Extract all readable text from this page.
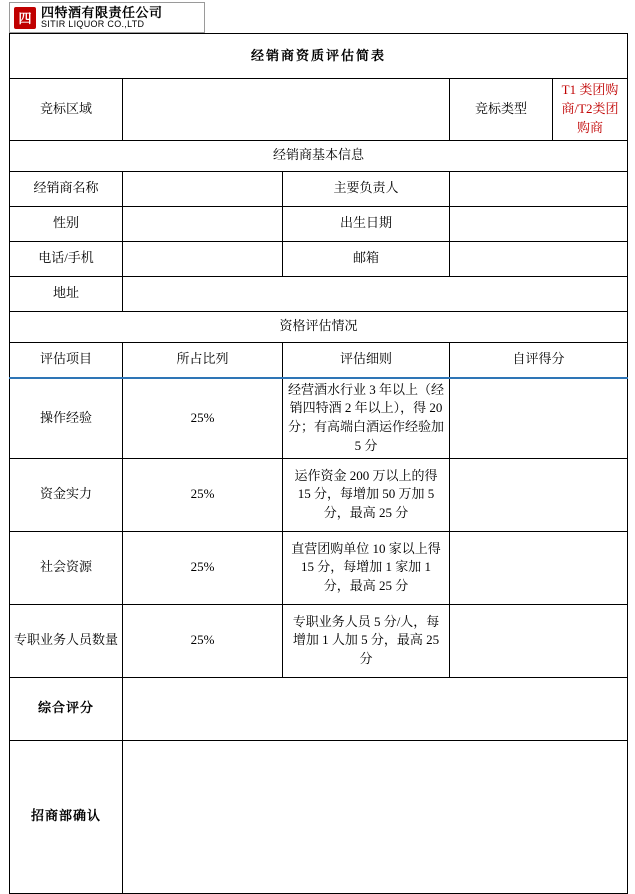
四 四特酒有限责任公司
SITIR LIQUOR CO.,LTD
经销商资质评估简表				
竞标区域			竞标类型	T1 类团购商/T2类团购商
经销商基本信息				
经销商名称		主要负责人		
性别		出生日期		
电话/手机		邮箱		
地址				
资格评估情况				
评估项目	所占比列	评估细则	自评得分	
操作经验	25%	经营酒水行业 3 年以上（经销四特酒 2 年以上），得 20 分；有高端白酒运作经验加 5 分		
资金实力	25%	运作资金 200 万以上的得 15 分，每增加 50 万加 5 分，最高 25 分		
社会资源	25%	直营团购单位 10 家以上得 15 分，每增加 1 家加 1 分，最高 25 分		
专职业务人员数量	25%	专职业务人员 5 分/人，每增加 1 人加 5 分，最高 25 分		
综合评分				
招商部确认				
